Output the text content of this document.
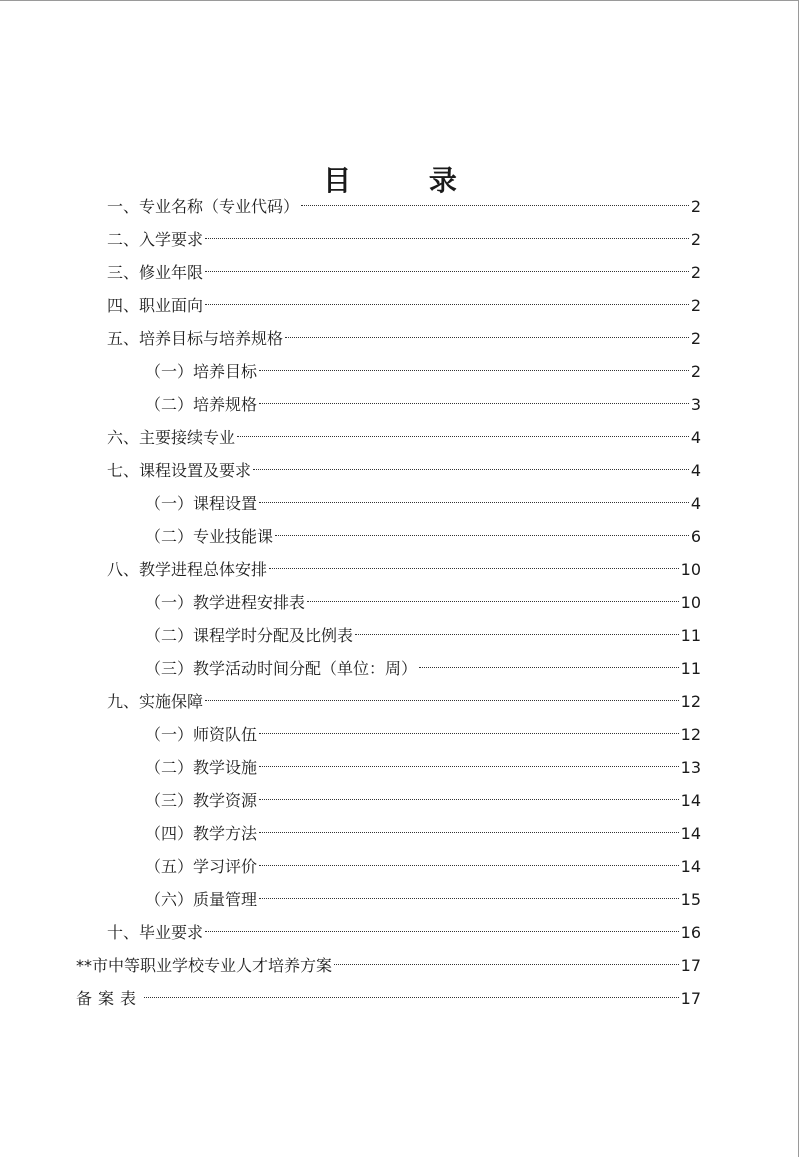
目 录
一、专业名称（专业代码）	2
二、入学要求	2
三、修业年限	2
四、职业面向	2
五、培养目标与培养规格	2
（一）培养目标	2
（二）培养规格	3
六、主要接续专业	4
七、课程设置及要求	4
（一）课程设置	4
（二）专业技能课	6
八、教学进程总体安排	10
（一）教学进程安排表	10
（二）课程学时分配及比例表	11
（三）教学活动时间分配（单位：周）	11
九、实施保障	12
（一）师资队伍	12
（二）教学设施	13
（三）教学资源	14
（四）教学方法	14
（五）学习评价	14
（六）质量管理	15
十、毕业要求	16
**市中等职业学校专业人才培养方案	17
备案表	17
